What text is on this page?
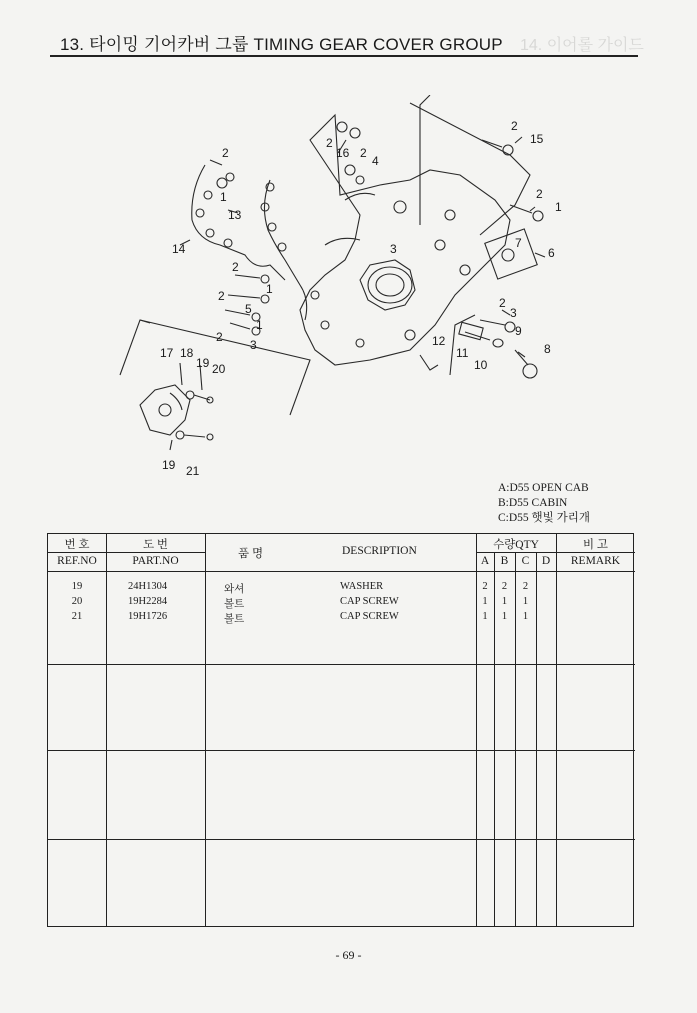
13. 타이밍 기어카버 그룹 TIMING GEAR COVER GROUP 14. 이어롤 가이드
2
15
2
16 2
4
2
1
1
13
14
2
3	7
6
2
1
2
5
1
2
3
2
3
12
9
11
10
8
17 18
19 20
19 21
A:D55 OPEN CAB
B:D55 CABIN
C:D55 햇빛 가리개
번 호
REF.NO
도 번
PART.NO
품 명	DESCRIPTION	수량QTY
A	B	C	D
비 고
REMARK
19	24H1304	와셔	WASHER	2	2	2
20	19H2284	볼트	CAP SCREW	1	1	1
21	19H1726	볼트	CAP SCREW	1	1	1
- 69 -
